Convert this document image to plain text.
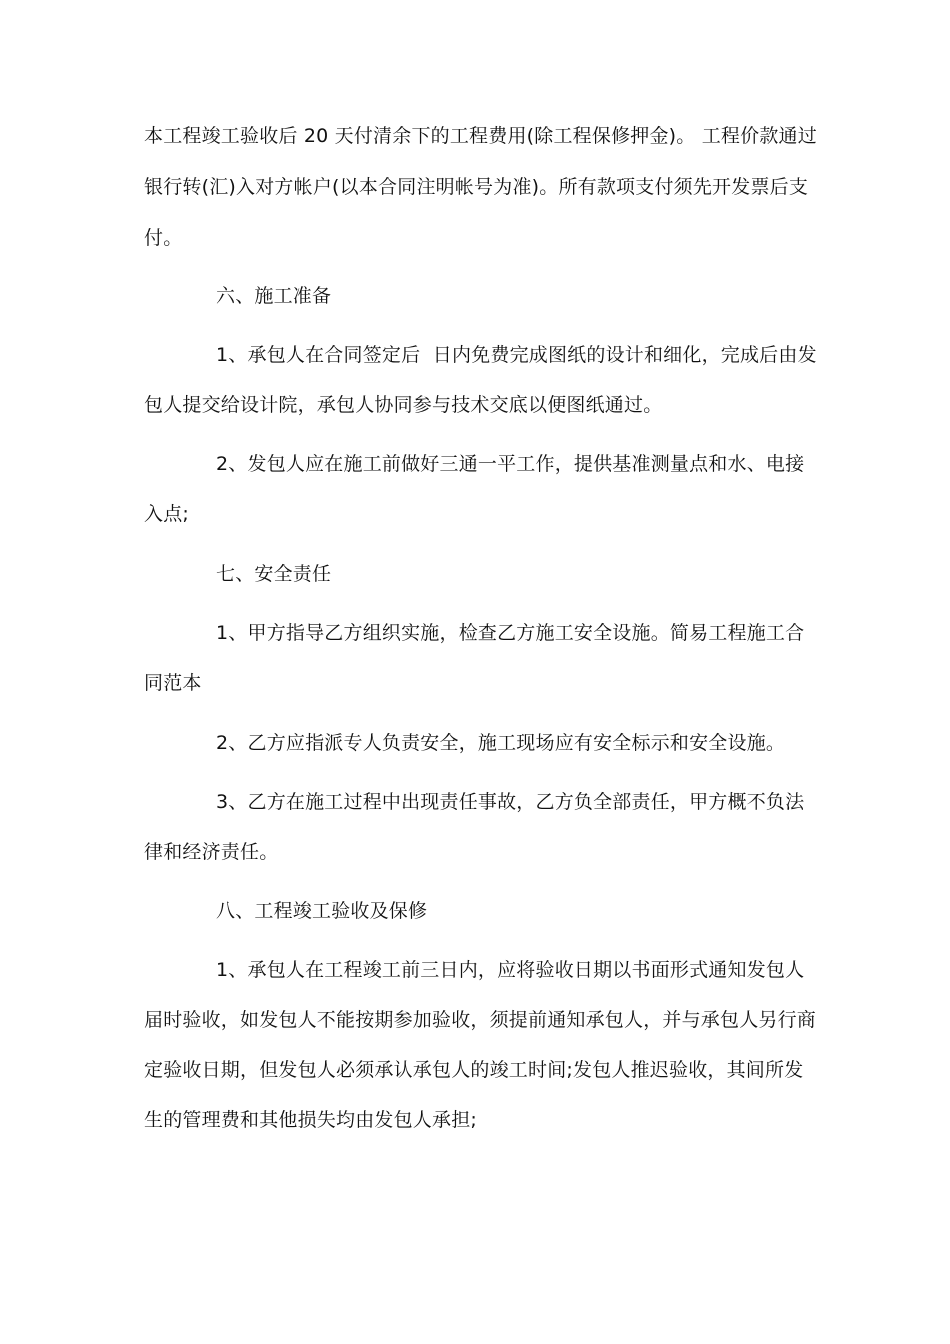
本工程竣工验收后 20 天付清余下的工程费用(除工程保修押金)。 工程价款通过
银行转(汇)入对方帐户(以本合同注明帐号为准)。所有款项支付须先开发票后支
付。
六、施工准备
1、承包人在合同签定后  日内免费完成图纸的设计和细化，完成后由发
包人提交给设计院，承包人协同参与技术交底以便图纸通过。
2、发包人应在施工前做好三通一平工作，提供基准测量点和水、电接
入点;
七、安全责任
1、甲方指导乙方组织实施，检查乙方施工安全设施。简易工程施工合
同范本
2、乙方应指派专人负责安全，施工现场应有安全标示和安全设施。
3、乙方在施工过程中出现责任事故，乙方负全部责任，甲方概不负法
律和经济责任。
八、工程竣工验收及保修
1、承包人在工程竣工前三日内，应将验收日期以书面形式通知发包人
届时验收，如发包人不能按期参加验收，须提前通知承包人，并与承包人另行商
定验收日期，但发包人必须承认承包人的竣工时间;发包人推迟验收，其间所发
生的管理费和其他损失均由发包人承担;
